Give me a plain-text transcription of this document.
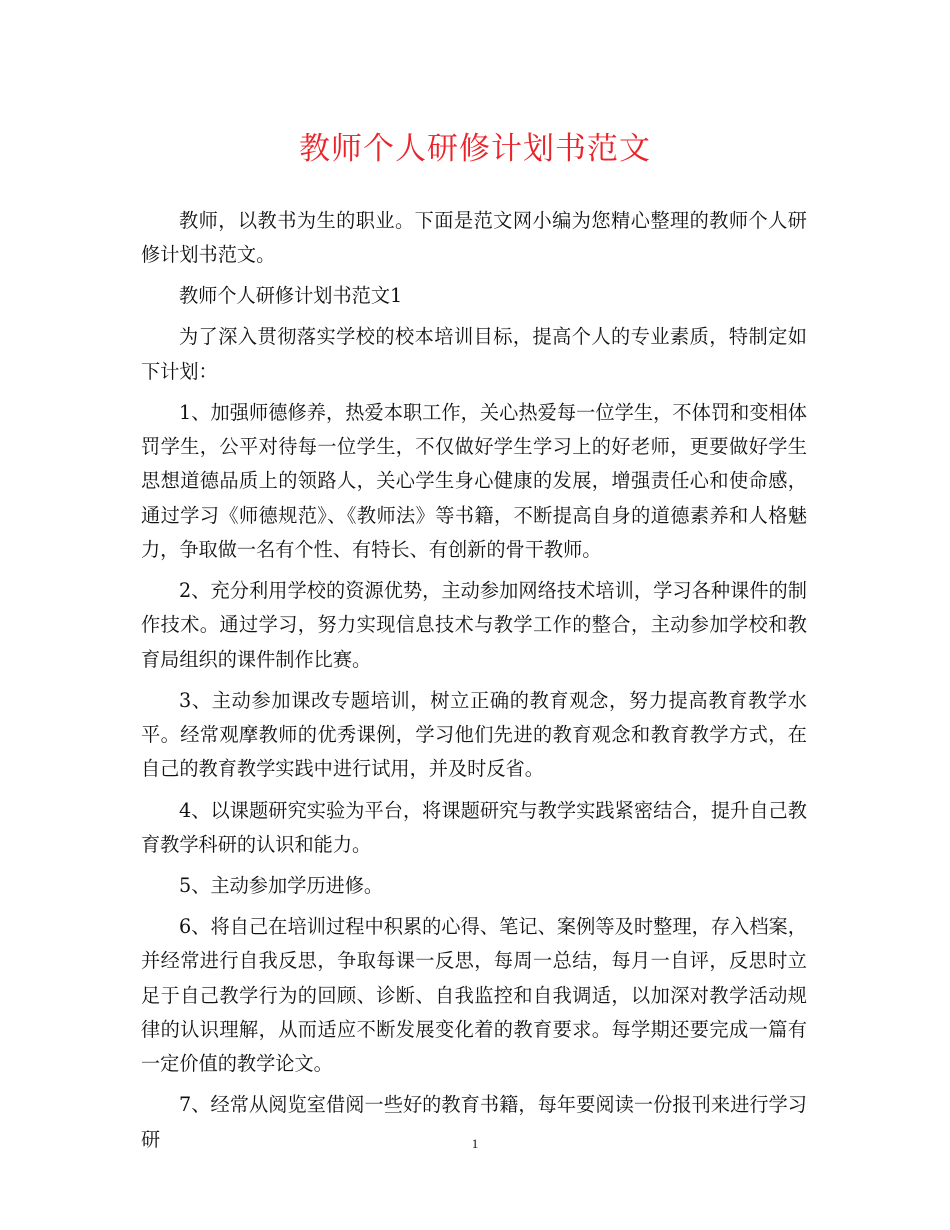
教师个人研修计划书范文

教师，以教书为生的职业。下面是范文网小编为您精心整理的教师个人研修计划书范文。

教师个人研修计划书范文1

为了深入贯彻落实学校的校本培训目标，提高个人的专业素质，特制定如下计划：

1、加强师德修养，热爱本职工作，关心热爱每一位学生，不体罚和变相体罚学生，公平对待每一位学生，不仅做好学生学习上的好老师，更要做好学生思想道德品质上的领路人，关心学生身心健康的发展，增强责任心和使命感，通过学习《师德规范》、《教师法》等书籍，不断提高自身的道德素养和人格魅力，争取做一名有个性、有特长、有创新的骨干教师。

2、充分利用学校的资源优势，主动参加网络技术培训，学习各种课件的制作技术。通过学习，努力实现信息技术与教学工作的整合，主动参加学校和教育局组织的课件制作比赛。

3、主动参加课改专题培训，树立正确的教育观念，努力提高教育教学水平。经常观摩教师的优秀课例，学习他们先进的教育观念和教育教学方式，在自己的教育教学实践中进行试用，并及时反省。

4、以课题研究实验为平台，将课题研究与教学实践紧密结合，提升自己教育教学科研的认识和能力。

5、主动参加学历进修。

6、将自己在培训过程中积累的心得、笔记、案例等及时整理，存入档案，并经常进行自我反思，争取每课一反思，每周一总结，每月一自评，反思时立足于自己教学行为的回顾、诊断、自我监控和自我调适，以加深对教学活动规律的认识理解，从而适应不断发展变化着的教育要求。每学期还要完成一篇有一定价值的教学论文。

7、经常从阅览室借阅一些好的教育书籍，每年要阅读一份报刊来进行学习研	1
